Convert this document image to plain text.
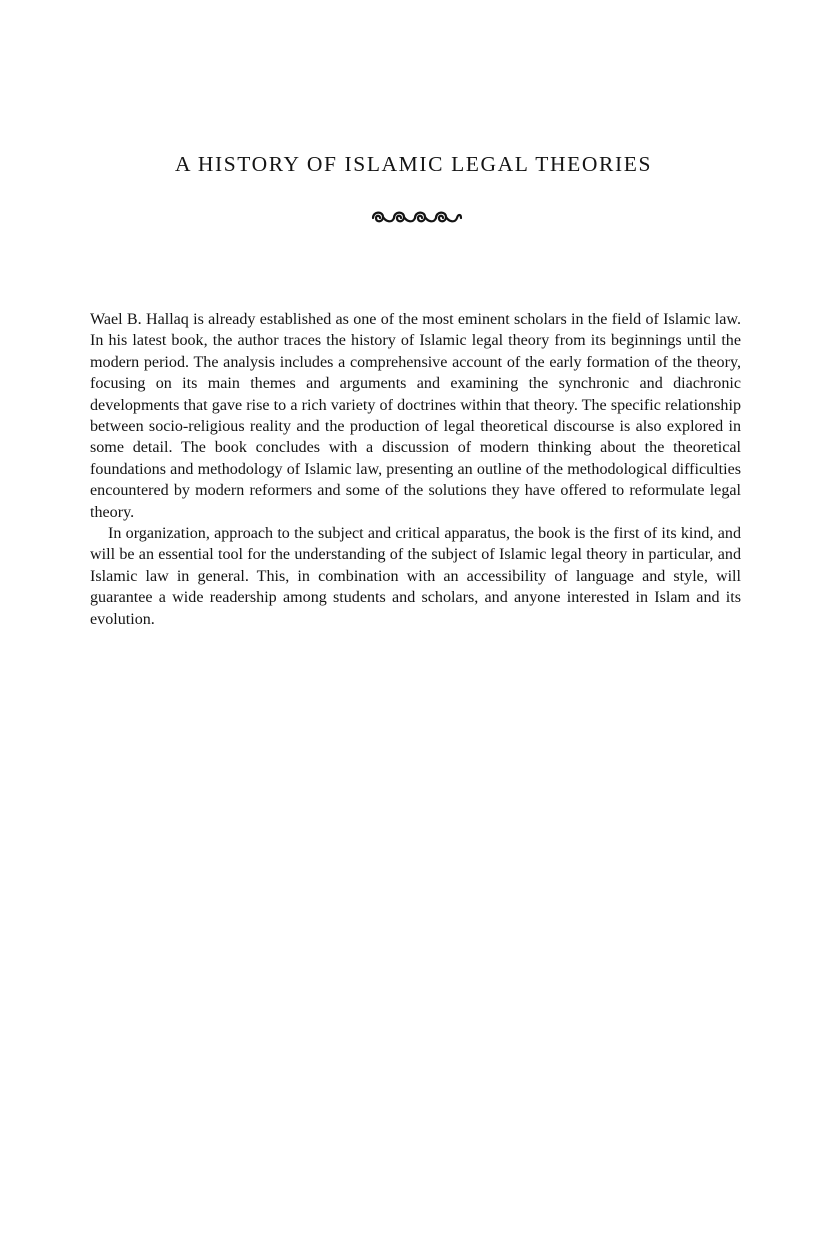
A HISTORY OF ISLAMIC LEGAL THEORIES

Wael B. Hallaq is already established as one of the most eminent scholars in the field of Islamic law. In his latest book, the author traces the history of Islamic legal theory from its beginnings until the modern period. The analysis includes a comprehensive account of the early formation of the theory, focusing on its main themes and arguments and examining the synchronic and diachronic developments that gave rise to a rich variety of doctrines within that theory. The specific relationship between socio-religious reality and the production of legal theoretical discourse is also explored in some detail. The book concludes with a discussion of modern thinking about the theoretical foundations and methodology of Islamic law, presenting an outline of the methodological difficulties encountered by modern reformers and some of the solutions they have offered to reformulate legal theory.

In organization, approach to the subject and critical apparatus, the book is the first of its kind, and will be an essential tool for the understanding of the subject of Islamic legal theory in particular, and Islamic law in general. This, in combination with an accessibility of language and style, will guarantee a wide readership among students and scholars, and anyone interested in Islam and its evolution.
